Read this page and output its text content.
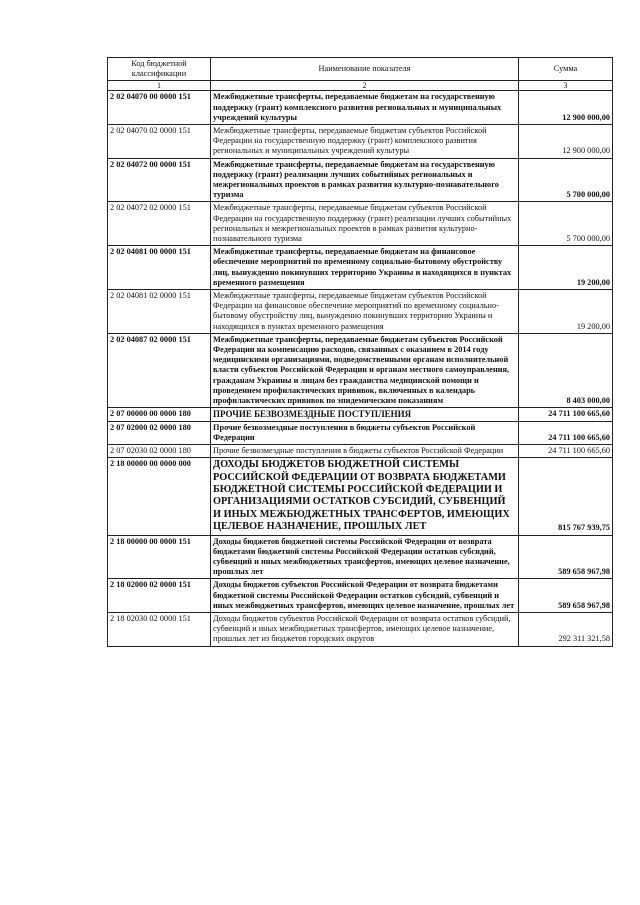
Код бюджетной классификации	Наименование показателя	Сумма
1	2	3
2 02 04070 00 0000 151	Межбюджетные трансферты, передаваемые бюджетам на государственную поддержку (грант) комплексного развития региональных и муниципальных учреждений культуры	12 900 000,00
2 02 04070 02 0000 151	Межбюджетные трансферты, передаваемые бюджетам субъектов Российской Федерации на государственную поддержку (грант) комплексного развития региональных и муниципальных учреждений культуры	12 900 000,00
2 02 04072 00 0000 151	Межбюджетные трансферты, передаваемые бюджетам на государственную поддержку (грант) реализации лучших событийных региональных и межрегиональных проектов в рамках развития культурно-познавательного туризма	5 700 000,00
2 02 04072 02 0000 151	Межбюджетные трансферты, передаваемые бюджетам субъектов Российской Федерации на государственную поддержку (грант) реализации лучших событийных региональных и межрегиональных проектов в рамках развития культурно-познавательного туризма	5 700 000,00
2 02 04081 00 0000 151	Межбюджетные трансферты, передаваемые бюджетам на финансовое обеспечение мероприятий по временному социально-бытовому обустройству лиц, вынужденно покинувших территорию Украины и находящихся в пунктах временного размещения	19 200,00
2 02 04081 02 0000 151	Межбюджетные трансферты, передаваемые бюджетам субъектов Российской Федерации на финансовое обеспечение мероприятий по временному социально-бытовому обустройству лиц, вынужденно покинувших территорию Украины и находящихся в пунктах временного размещения	19 200,00
2 02 04087 02 0000 151	Межбюджетные трансферты, передаваемые бюджетам субъектов Российской Федерации на компенсацию расходов, связанных с оказанием в 2014 году медицинскими организациями, подведомственными органам исполнительной власти субъектов Российской Федерации и органам местного самоуправления, гражданам Украины и лицам без гражданства медицинской помощи и проведением профилактических прививок, включенных в календарь профилактических прививок по эпидемическим показаниям	8 403 000,00
2 07 00000 00 0000 180	ПРОЧИЕ БЕЗВОЗМЕЗДНЫЕ ПОСТУПЛЕНИЯ	24 711 100 665,60
2 07 02000 02 0000 180	Прочие безвозмездные поступления в бюджеты субъектов Российской Федерации	24 711 100 665,60
2 07 02030 02 0000 180	Прочие безвозмездные поступления в бюджеты субъектов Российской Федерации	24 711 100 665,60
2 18 00000 00 0000 000	ДОХОДЫ БЮДЖЕТОВ БЮДЖЕТНОЙ СИСТЕМЫ РОССИЙСКОЙ ФЕДЕРАЦИИ ОТ ВОЗВРАТА БЮДЖЕТАМИ БЮДЖЕТНОЙ СИСТЕМЫ РОССИЙСКОЙ ФЕДЕРАЦИИ И ОРГАНИЗАЦИЯМИ ОСТАТКОВ СУБСИДИЙ, СУБВЕНЦИЙ И ИНЫХ МЕЖБЮДЖЕТНЫХ ТРАНСФЕРТОВ, ИМЕЮЩИХ ЦЕЛЕВОЕ НАЗНАЧЕНИЕ, ПРОШЛЫХ ЛЕТ	815 767 939,75
2 18 00000 00 0000 151	Доходы бюджетов бюджетной системы Российской Федерации от возврата бюджетами бюджетной системы Российской Федерации остатков субсидий, субвенций и иных межбюджетных трансфертов, имеющих целевое назначение, прошлых лет	589 658 967,98
2 18 02000 02 0000 151	Доходы бюджетов субъектов Российской Федерации от возврата бюджетами бюджетной системы Российской Федерации остатков субсидий, субвенций и иных межбюджетных трансфертов, имеющих целевое назначение, прошлых лет	589 658 967,98
2 18 02030 02 0000 151	Доходы бюджетов субъектов Российской Федерации от возврата остатков субсидий, субвенций и иных межбюджетных трансфертов, имеющих целевое назначение, прошлых лет из бюджетов городских округов	292 311 321,58
